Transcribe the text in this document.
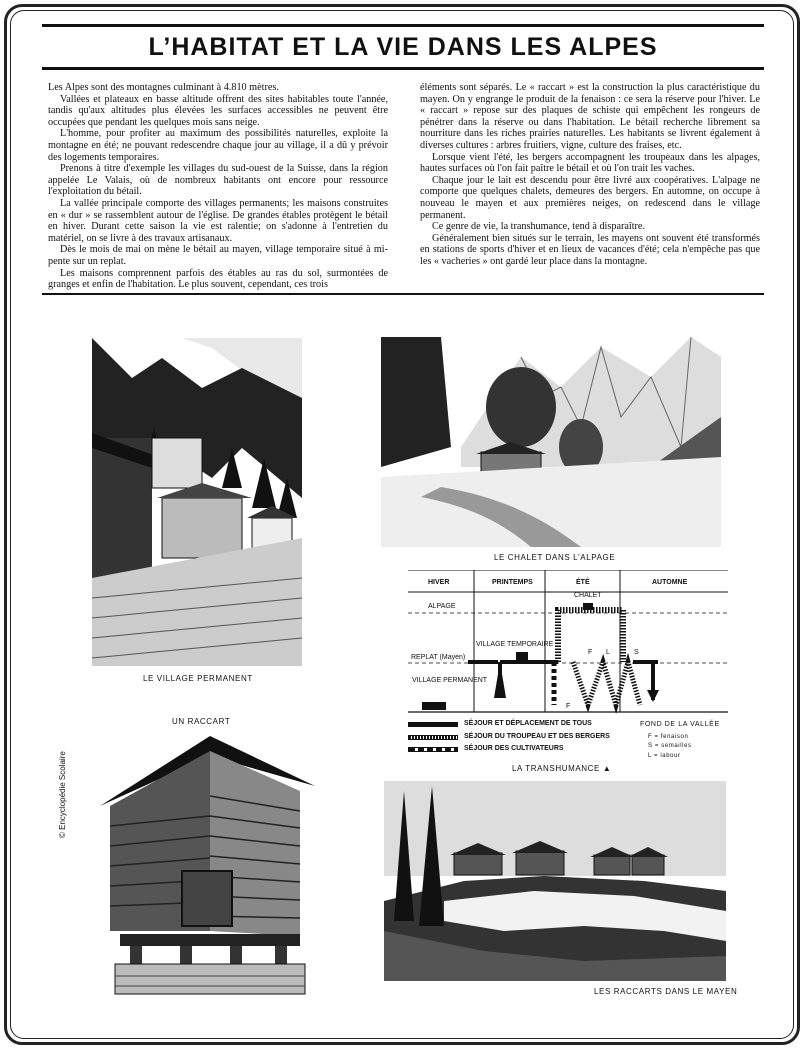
L’HABITAT ET LA VIE DANS LES ALPES

Les Alpes sont des montagnes culminant à 4.810 mètres.

Vallées et plateaux en basse altitude offrent des sites habitables toute l'année, tandis qu'aux altitudes plus élevées les surfaces accessibles ne peuvent être occupées que pendant les quelques mois sans neige.

L'homme, pour profiter au maximum des possibilités naturelles, exploite la montagne en été; ne pouvant redescendre chaque jour au village, il a dû y prévoir des logements temporaires.

Prenons à titre d'exemple les villages du sud-ouest de la Suisse, dans la région appelée Le Valais, où de nombreux habitants ont encore pour ressource l'exploitation du bétail.

La vallée principale comporte des villages permanents; les maisons construites en « dur » se rassemblent autour de l'église. De grandes étables protègent le bétail en hiver. Durant cette saison la vie est ralentie; on s'adonne à l'entretien du matériel, on se livre à des travaux artisanaux.

Dès le mois de mai on mène le bétail au mayen, village temporaire situé à mi-pente sur un replat.

Les maisons comprennent parfois des étables au ras du sol, surmontées de granges et enfin de l'habitation. Le plus souvent, cependant, ces trois

éléments sont séparés. Le « raccart » est la construction la plus caractéristique du mayen. On y engrange le produit de la fenaison : ce sera la réserve pour l'hiver. Le « raccart » repose sur des plaques de schiste qui empêchent les rongeurs de pénétrer dans la réserve ou dans l'habitation. Le bétail recherche librement sa nourriture dans les riches prairies naturelles. Les habitants se livrent également à diverses cultures : arbres fruitiers, vigne, culture des fraises, etc.

Lorsque vient l'été, les bergers accompagnent les troupeaux dans les alpages, hautes surfaces où l'on fait paître le bétail et où l'on trait les vaches.

Chaque jour le lait est descendu pour être livré aux coopératives. L'alpage ne comporte que quelques chalets, demeures des bergers. En automne, on occupe à nouveau le mayen et aux premières neiges, on redescend dans le village permanent.

Ce genre de vie, la transhumance, tend à disparaître.

Généralement bien situés sur le terrain, les mayens ont souvent été transformés en stations de sports d'hiver et en lieux de vacances d'été; cela n'empêche pas que les « vacheries » ont gardé leur place dans la montagne.

LE VILLAGE PERMANENT
LE CHALET DANS L'ALPAGE
HIVER	PRINTEMPS	ÉTÉ	AUTOMNE
ALPAGE
REPLAT (Mayen)
VILLAGE PERMANENT
CHALET
VILLAGE TEMPORAIRE
F L	S
F
SÉJOUR ET DÉPLACEMENT DE TOUS
SÉJOUR DU TROUPEAU ET DES BERGERS
SÉJOUR DES CULTIVATEURS
FOND DE LA VALLÉE
F = fenaison
S = semailles
L = labour
LA TRANSHUMANCE ▲
UN RACCART
© Encyclopédie Scolaire
LES RACCARTS DANS LE MAYEN
